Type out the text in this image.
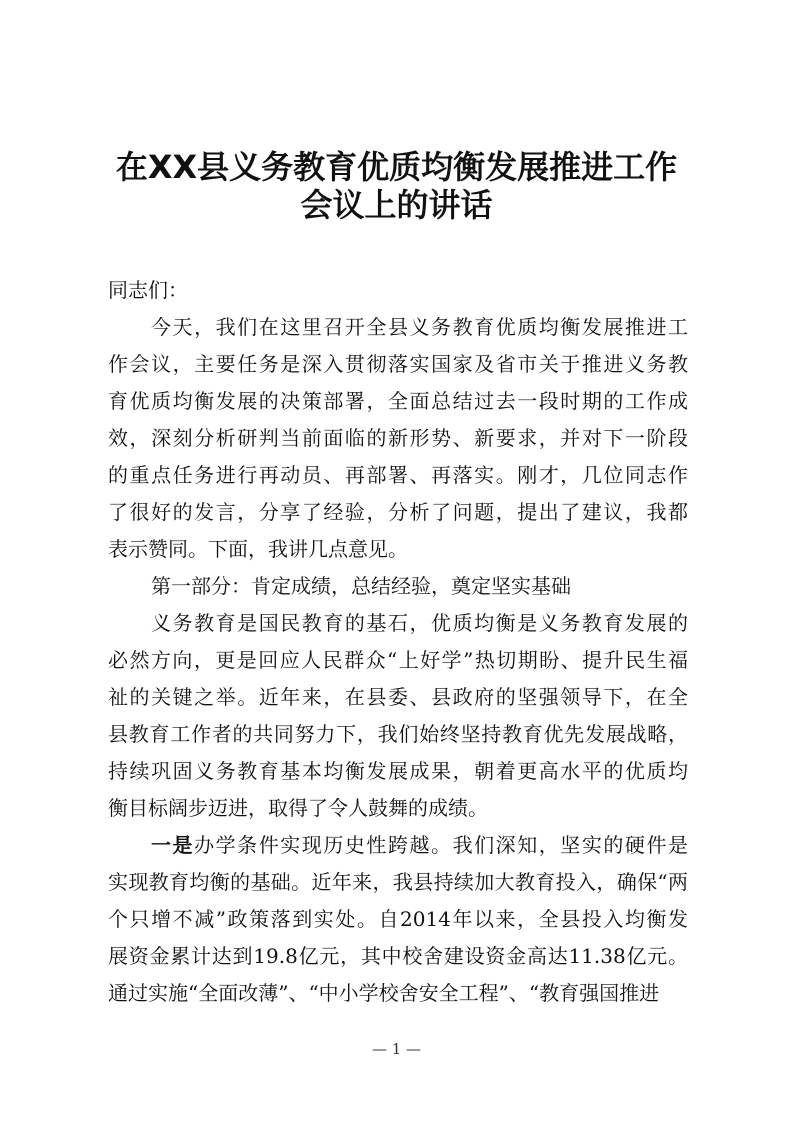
在XX县义务教育优质均衡发展推进工作
会议上的讲话
同志们：
今天，我们在这里召开全县义务教育优质均衡发展推进工
作会议，主要任务是深入贯彻落实国家及省市关于推进义务教
育优质均衡发展的决策部署，全面总结过去一段时期的工作成
效，深刻分析研判当前面临的新形势、新要求，并对下一阶段
的重点任务进行再动员、再部署、再落实。刚才，几位同志作
了很好的发言，分享了经验，分析了问题，提出了建议，我都
表示赞同。下面，我讲几点意见。
第一部分：肯定成绩，总结经验，奠定坚实基础
义务教育是国民教育的基石，优质均衡是义务教育发展的
必然方向，更是回应人民群众“上好学”热切期盼、提升民生福
祉的关键之举。近年来，在县委、县政府的坚强领导下，在全
县教育工作者的共同努力下，我们始终坚持教育优先发展战略，
持续巩固义务教育基本均衡发展成果，朝着更高水平的优质均
衡目标阔步迈进，取得了令人鼓舞的成绩。
一是办学条件实现历史性跨越。我们深知，坚实的硬件是
实现教育均衡的基础。近年来，我县持续加大教育投入，确保“两
个只增不减”政策落到实处。自2014年以来，全县投入均衡发
展资金累计达到19.8亿元，其中校舍建设资金高达11.38亿元。
通过实施“全面改薄”、“中小学校舍安全工程”、“教育强国推进
— 1 —
